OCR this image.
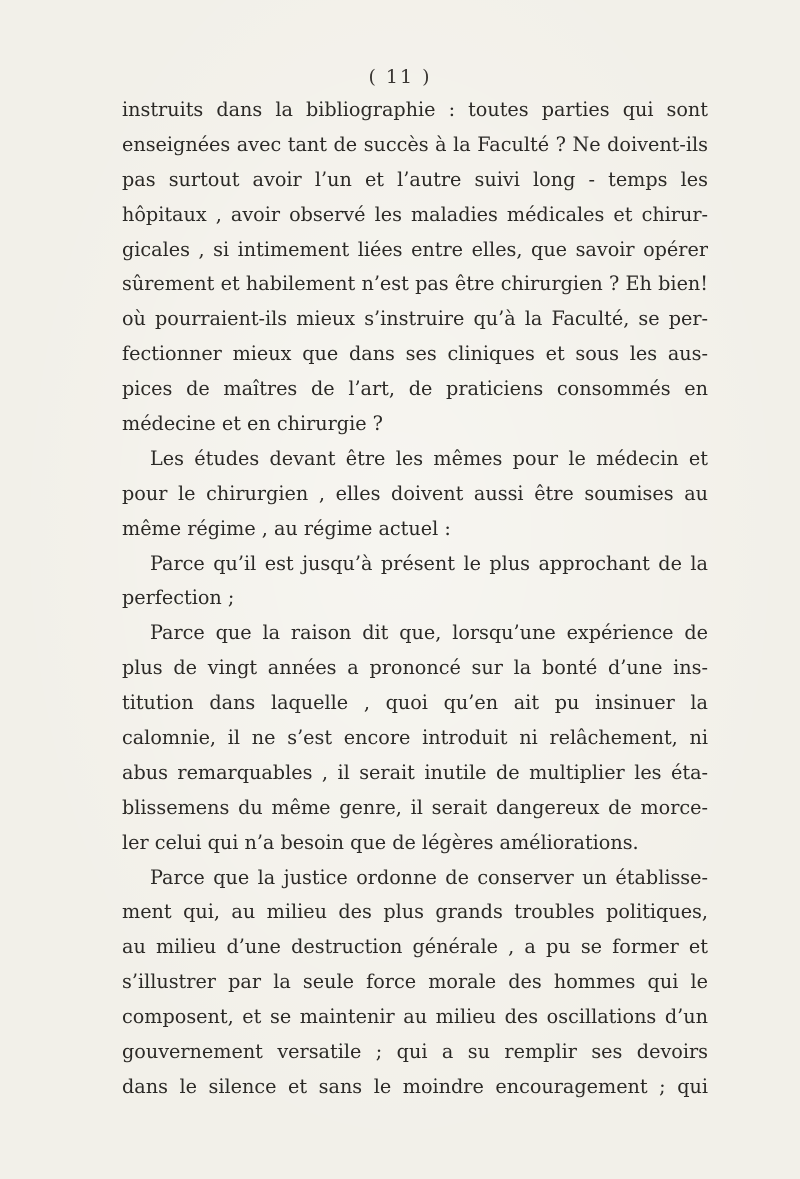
( 11 )
instruits dans la bibliographie : toutes parties qui sont
enseignées avec tant de succès à la Faculté ? Ne doivent-ils
pas surtout avoir l’un et l’autre suivi long - temps les
hôpitaux , avoir observé les maladies médicales et chirur-
gicales , si intimement liées entre elles, que savoir opérer
sûrement et habilement n’est pas être chirurgien ? Eh bien!
où pourraient-ils mieux s’instruire qu’à la Faculté, se per-
fectionner mieux que dans ses cliniques et sous les aus-
pices de maîtres de l’art, de praticiens consommés en
médecine et en chirurgie ?
Les études devant être les mêmes pour le médecin et
pour le chirurgien , elles doivent aussi être soumises au
même régime , au régime actuel :
Parce qu’il est jusqu’à présent le plus approchant de la
perfection ;
Parce que la raison dit que, lorsqu’une expérience de
plus de vingt années a prononcé sur la bonté d’une ins-
titution dans laquelle , quoi qu’en ait pu insinuer la
calomnie, il ne s’est encore introduit ni relâchement, ni
abus remarquables , il serait inutile de multiplier les éta-
blissemens du même genre, il serait dangereux de morce-
ler celui qui n’a besoin que de légères améliorations.
Parce que la justice ordonne de conserver un établisse-
ment qui, au milieu des plus grands troubles politiques,
au milieu d’une destruction générale , a pu se former et
s’illustrer par la seule force morale des hommes qui le
composent, et se maintenir au milieu des oscillations d’un
gouvernement versatile ; qui a su remplir ses devoirs
dans le silence et sans le moindre encouragement ; qui
